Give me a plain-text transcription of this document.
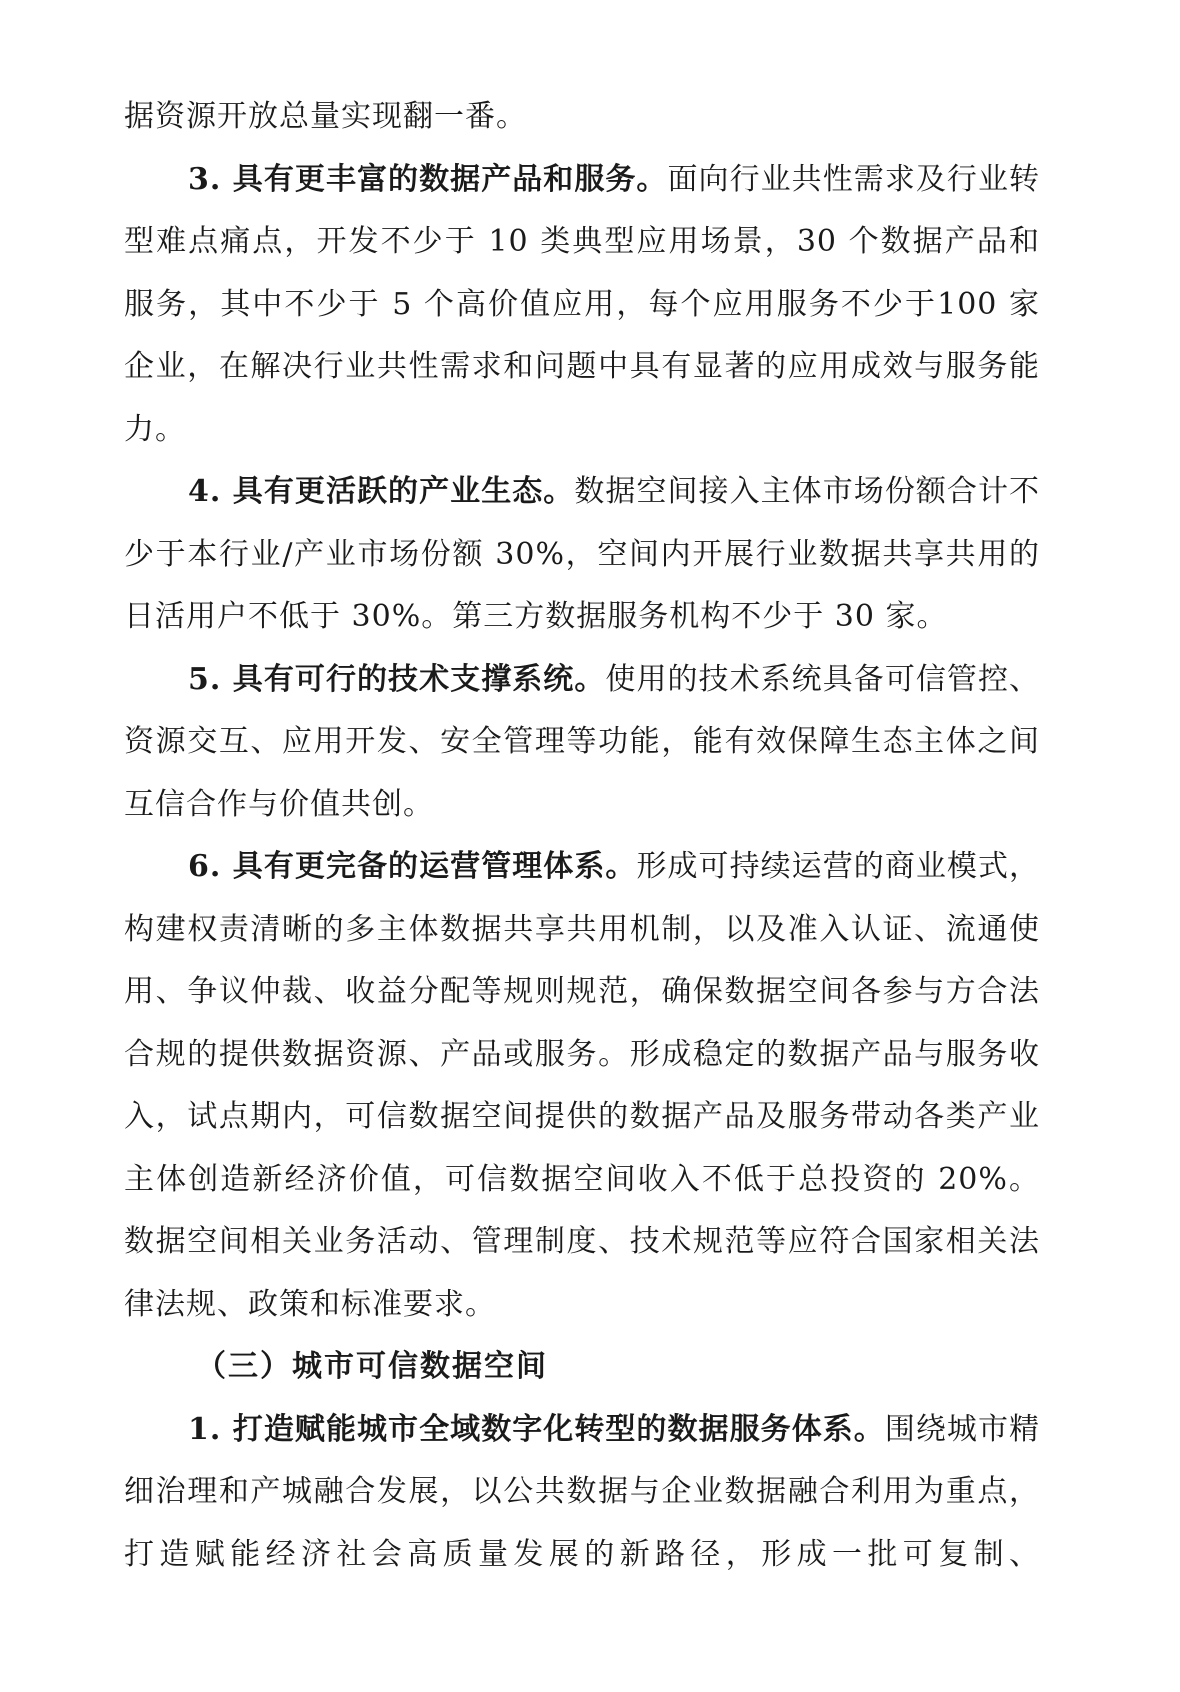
据资源开放总量实现翻一番。

3. 具有更丰富的数据产品和服务。面向行业共性需求及行业转型难点痛点，开发不少于 10 类典型应用场景，30 个数据产品和服务，其中不少于 5 个高价值应用，每个应用服务不少于100 家企业，在解决行业共性需求和问题中具有显著的应用成效与服务能力。

4. 具有更活跃的产业生态。数据空间接入主体市场份额合计不少于本行业/产业市场份额 30%，空间内开展行业数据共享共用的日活用户不低于 30%。第三方数据服务机构不少于 30 家。

5. 具有可行的技术支撑系统。使用的技术系统具备可信管控、资源交互、应用开发、安全管理等功能，能有效保障生态主体之间互信合作与价值共创。

6. 具有更完备的运营管理体系。形成可持续运营的商业模式，构建权责清晰的多主体数据共享共用机制，以及准入认证、流通使用、争议仲裁、收益分配等规则规范，确保数据空间各参与方合法合规的提供数据资源、产品或服务。形成稳定的数据产品与服务收入，试点期内，可信数据空间提供的数据产品及服务带动各类产业主体创造新经济价值，可信数据空间收入不低于总投资的 20%。数据空间相关业务活动、管理制度、技术规范等应符合国家相关法律法规、政策和标准要求。

（三）城市可信数据空间

1. 打造赋能城市全域数字化转型的数据服务体系。围绕城市精细治理和产城融合发展，以公共数据与企业数据融合利用为重点，打造赋能经济社会高质量发展的新路径，形成一批可复制、
